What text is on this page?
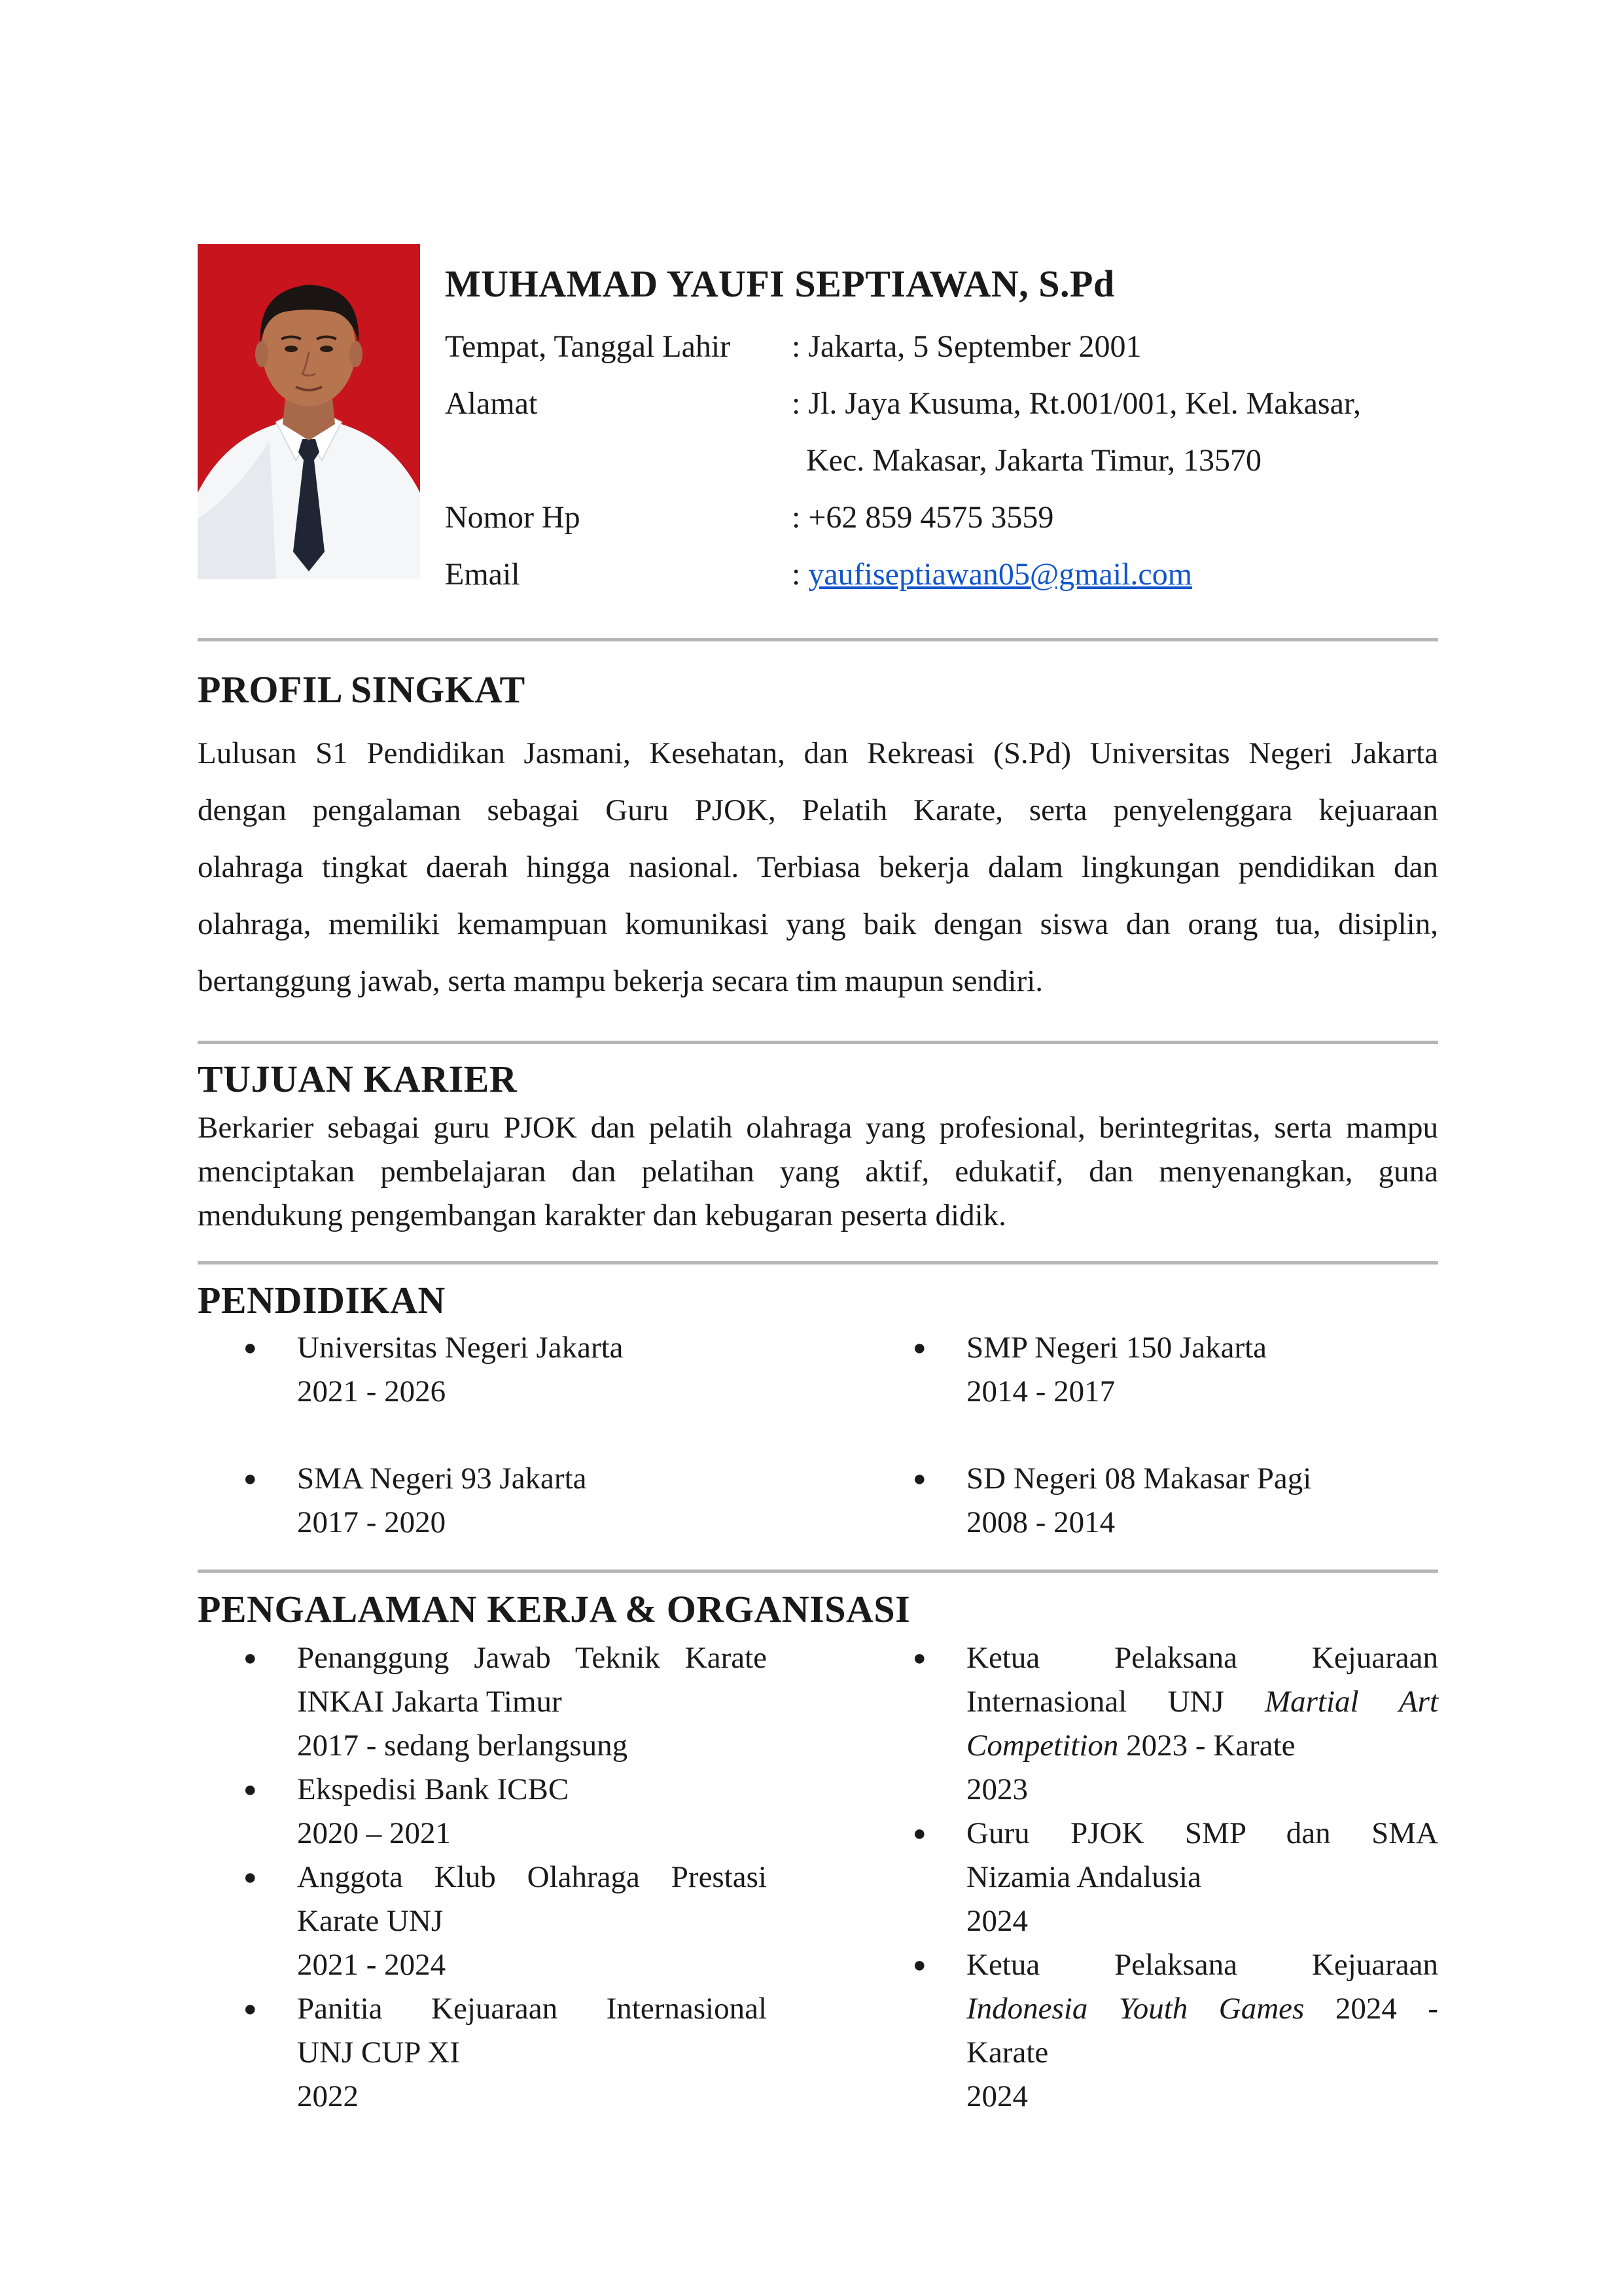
MUHAMAD YAUFI SEPTIAWAN, S.Pd
Tempat, Tanggal Lahir : Jakarta, 5 September 2001
Alamat	: Jl. Jaya Kusuma, Rt.001/001, Kel. Makasar,
Kec. Makasar, Jakarta Timur, 13570
Nomor Hp	: +62 859 4575 3559
Email	: yaufiseptiawan05@gmail.com
PROFIL SINGKAT
Lulusan S1 Pendidikan Jasmani, Kesehatan, dan Rekreasi (S.Pd) Universitas Negeri Jakarta
dengan pengalaman sebagai Guru PJOK, Pelatih Karate, serta penyelenggara kejuaraan
olahraga tingkat daerah hingga nasional. Terbiasa bekerja dalam lingkungan pendidikan dan
olahraga, memiliki kemampuan komunikasi yang baik dengan siswa dan orang tua, disiplin,
bertanggung jawab, serta mampu bekerja secara tim maupun sendiri.
TUJUAN KARIER
Berkarier sebagai guru PJOK dan pelatih olahraga yang profesional, berintegritas, serta mampu
menciptakan pembelajaran dan pelatihan yang aktif, edukatif, dan menyenangkan, guna
mendukung pengembangan karakter dan kebugaran peserta didik.
PENDIDIKAN
● Universitas Negeri Jakarta
2021 - 2026
● SMA Negeri 93 Jakarta
2017 - 2020
● SMP Negeri 150 Jakarta
2014 - 2017
● SD Negeri 08 Makasar Pagi
2008 - 2014
PENGALAMAN KERJA & ORGANISASI
● Penanggung Jawab Teknik Karate
INKAI Jakarta Timur
2017 - sedang berlangsung
● Ekspedisi Bank ICBC
2020 – 2021
● Anggota Klub Olahraga Prestasi
Karate UNJ
2021 - 2024
● Panitia Kejuaraan Internasional
UNJ CUP XI
2022
● Ketua Pelaksana Kejuaraan
Internasional UNJ Martial Art
Competition 2023 - Karate
2023
● Guru PJOK SMP dan SMA
Nizamia Andalusia
2024
● Ketua Pelaksana Kejuaraan
Indonesia Youth Games 2024 -
Karate
2024
